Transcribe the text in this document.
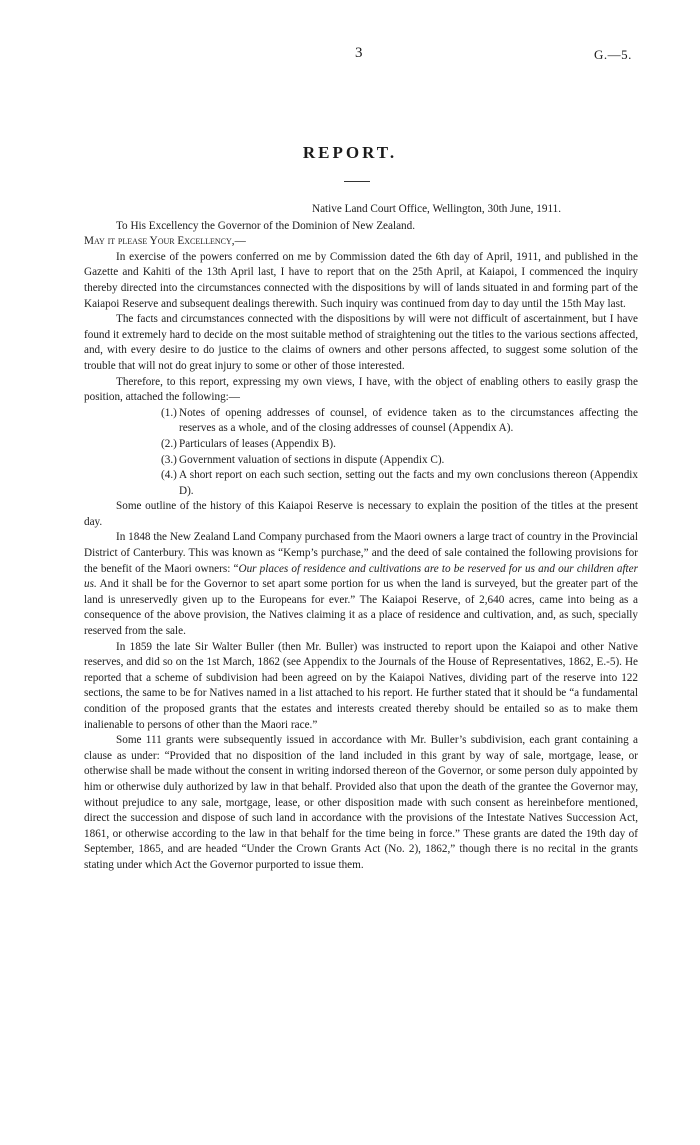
3	G.—5.
REPORT.
Native Land Court Office, Wellington, 30th June, 1911.
To His Excellency the Governor of the Dominion of New Zealand.
May it please Your Excellency,—

In exercise of the powers conferred on me by Commission dated the 6th day of April, 1911, and published in the Gazette and Kahiti of the 13th April last, I have to report that on the 25th April, at Kaiapoi, I commenced the inquiry thereby directed into the circumstances connected with the dispositions by will of lands situated in and forming part of the Kaiapoi Reserve and subsequent dealings therewith. Such inquiry was continued from day to day until the 15th May last.

The facts and circumstances connected with the dispositions by will were not difficult of ascertainment, but I have found it extremely hard to decide on the most suitable method of straightening out the titles to the various sections affected, and, with every desire to do justice to the claims of owners and other persons affected, to suggest some solution of the trouble that will not do great injury to some or other of those interested.

Therefore, to this report, expressing my own views, I have, with the object of enabling others to easily grasp the position, attached the following:—

(1.) Notes of opening addresses of counsel, of evidence taken as to the circumstances affecting the reserves as a whole, and of the closing addresses of counsel (Appendix A).
(2.) Particulars of leases (Appendix B).
(3.) Government valuation of sections in dispute (Appendix C).
(4.) A short report on each such section, setting out the facts and my own conclusions thereon (Appendix D).

Some outline of the history of this Kaiapoi Reserve is necessary to explain the position of the titles at the present day.

In 1848 the New Zealand Land Company purchased from the Maori owners a large tract of country in the Provincial District of Canterbury. This was known as “Kemp’s purchase,” and the deed of sale contained the following provisions for the benefit of the Maori owners: “Our places of residence and cultivations are to be reserved for us and our children after us. And it shall be for the Governor to set apart some portion for us when the land is surveyed, but the greater part of the land is unreservedly given up to the Europeans for ever.” The Kaiapoi Reserve, of 2,640 acres, came into being as a consequence of the above provision, the Natives claiming it as a place of residence and cultivation, and, as such, specially reserved from the sale.

In 1859 the late Sir Walter Buller (then Mr. Buller) was instructed to report upon the Kaiapoi and other Native reserves, and did so on the 1st March, 1862 (see Appendix to the Journals of the House of Representatives, 1862, E.-5). He reported that a scheme of subdivision had been agreed on by the Kaiapoi Natives, dividing part of the reserve into 122 sections, the same to be for Natives named in a list attached to his report. He further stated that it should be “a fundamental condition of the proposed grants that the estates and interests created thereby should be entailed so as to make them inalienable to persons of other than the Maori race.”

Some 111 grants were subsequently issued in accordance with Mr. Buller’s subdivision, each grant containing a clause as under: “Provided that no disposition of the land included in this grant by way of sale, mortgage, lease, or otherwise shall be made without the consent in writing indorsed thereon of the Governor, or some person duly appointed by him or otherwise duly authorized by law in that behalf. Provided also that upon the death of the grantee the Governor may, without prejudice to any sale, mortgage, lease, or other disposition made with such consent as hereinbefore mentioned, direct the succession and dispose of such land in accordance with the provisions of the Intestate Natives Succession Act, 1861, or otherwise according to the law in that behalf for the time being in force.” These grants are dated the 19th day of September, 1865, and are headed “Under the Crown Grants Act (No. 2), 1862,” though there is no recital in the grants stating under which Act the Governor purported to issue them.
